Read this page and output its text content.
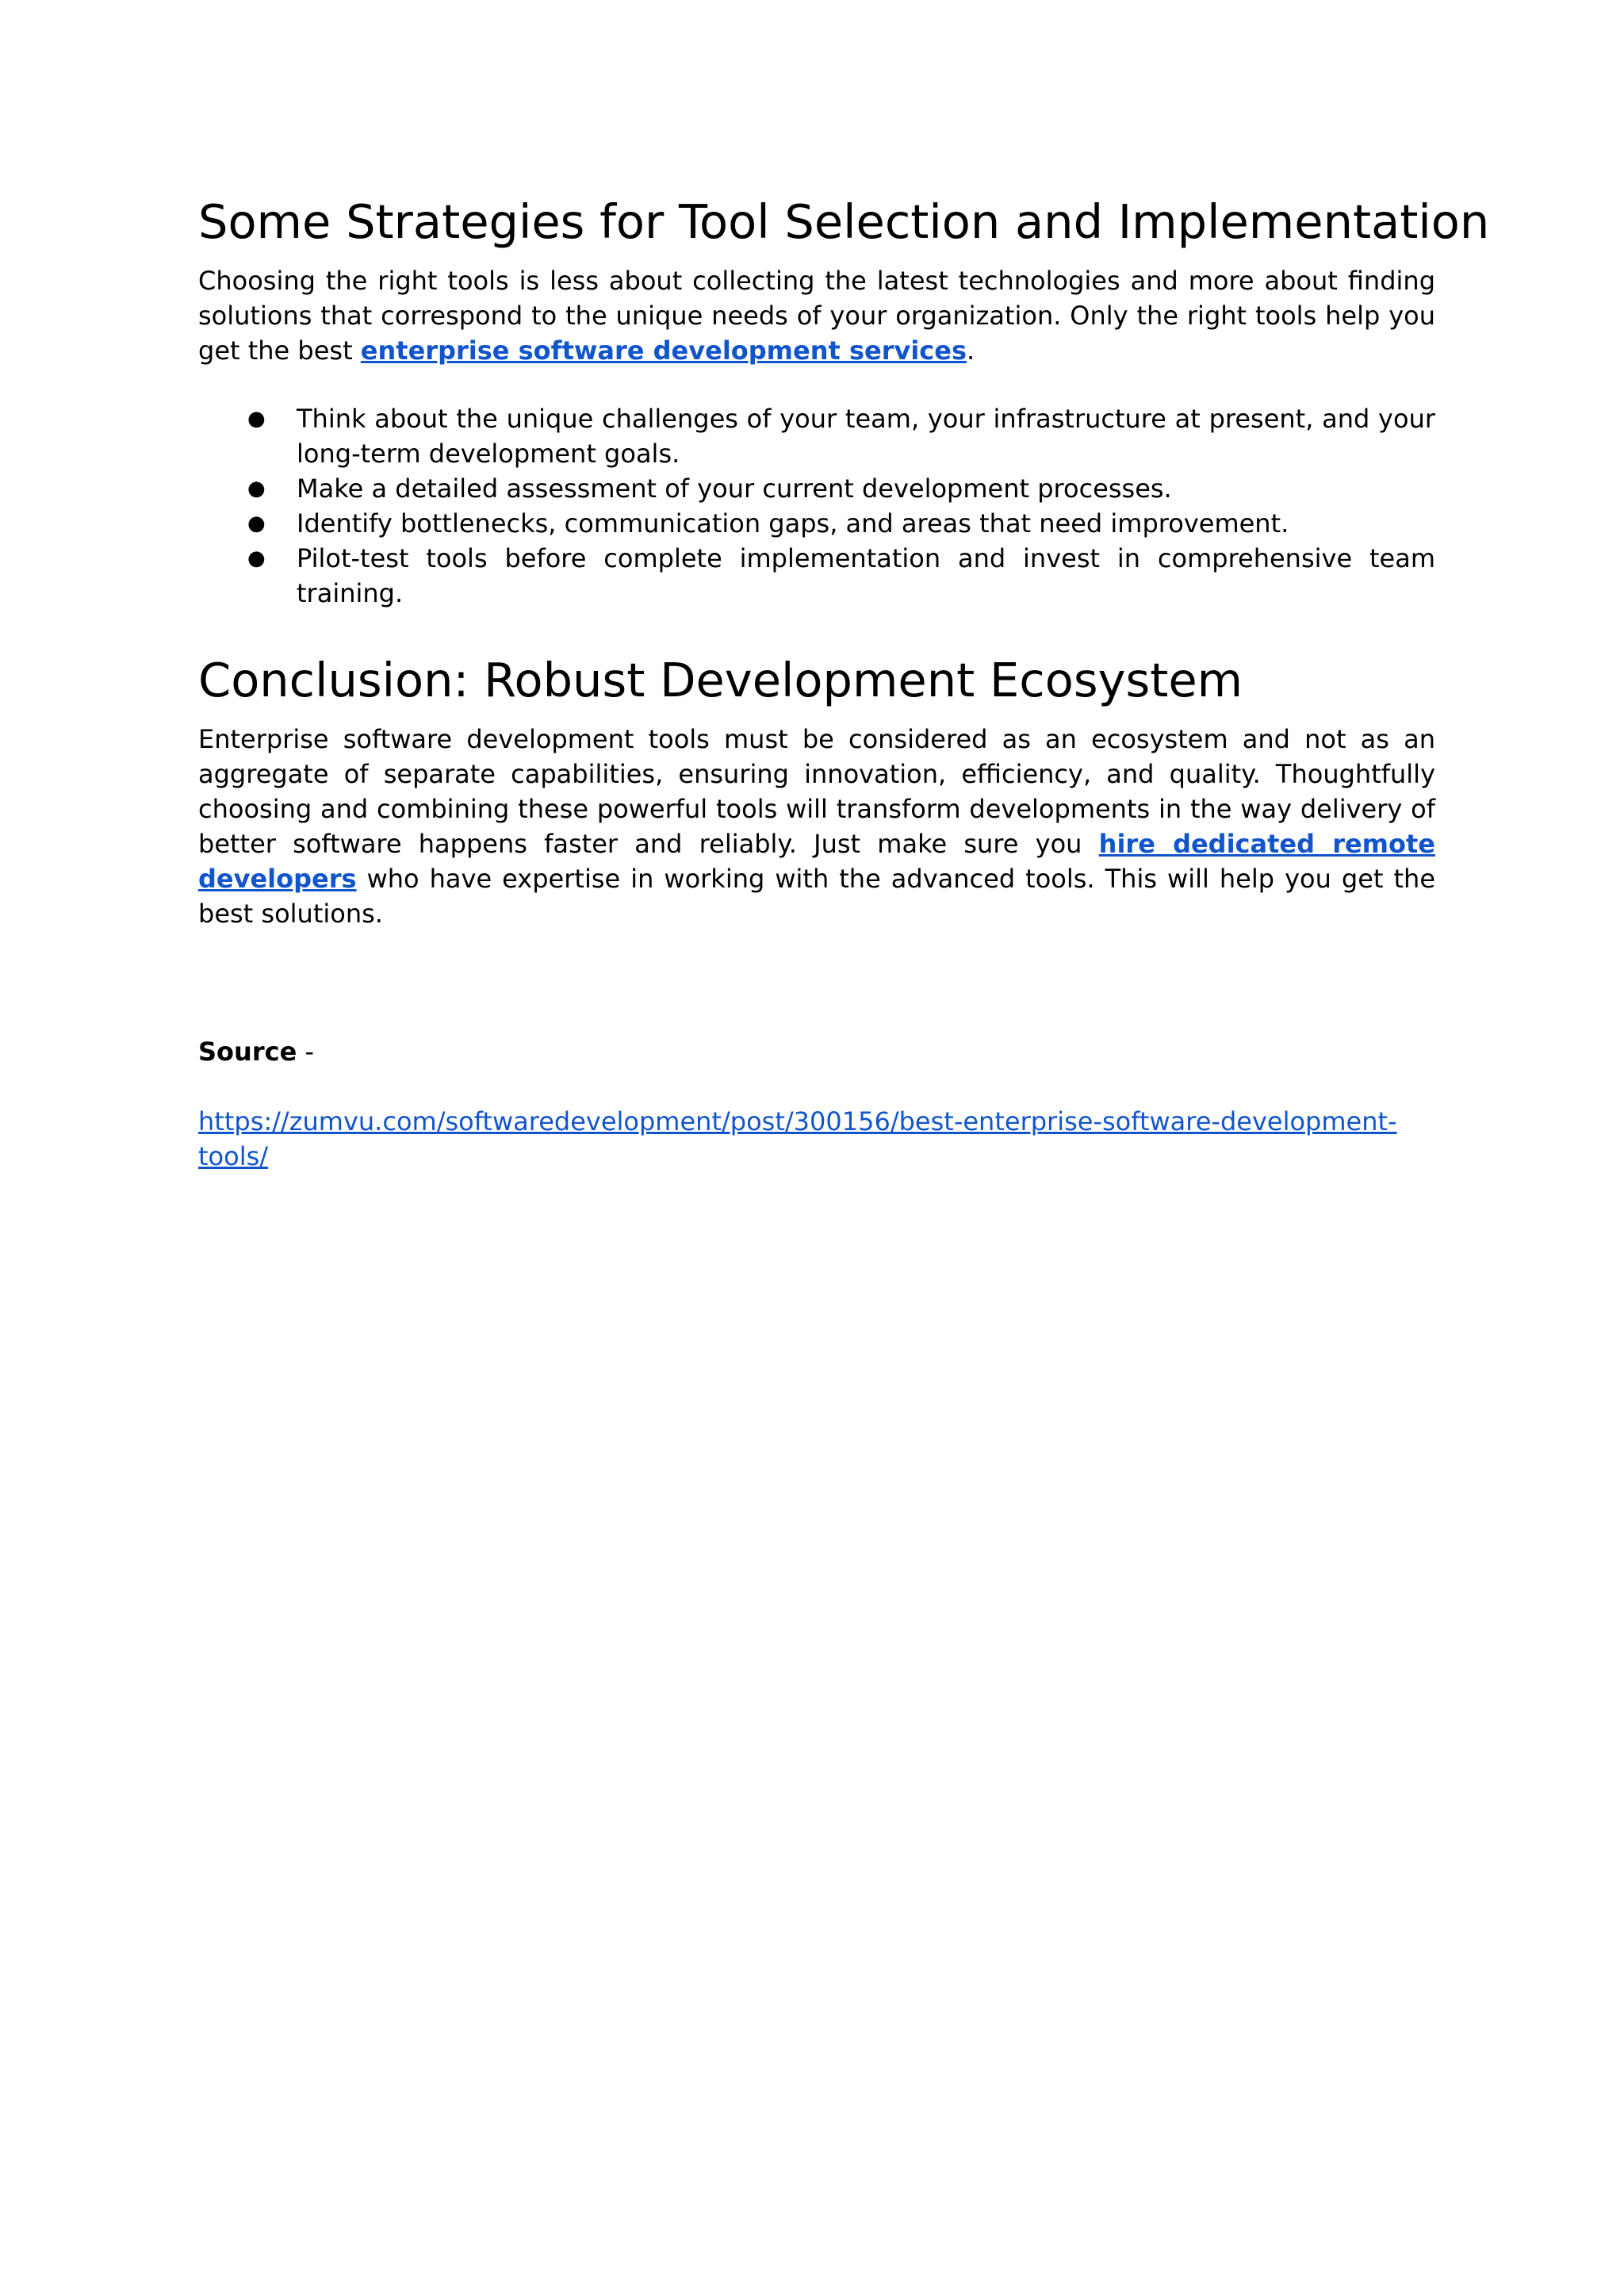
Some Strategies for Tool Selection and Implementation

Choosing the right tools is less about collecting the latest technologies and more about finding solutions that correspond to the unique needs of your organization. Only the right tools help you get the best enterprise software development services.

● Think about the unique challenges of your team, your infrastructure at present, and your long-term development goals.
● Make a detailed assessment of your current development processes.
● Identify bottlenecks, communication gaps, and areas that need improvement.
● Pilot-test tools before complete implementation and invest in comprehensive team training.
Conclusion: Robust Development Ecosystem

Enterprise software development tools must be considered as an ecosystem and not as an aggregate of separate capabilities, ensuring innovation, efficiency, and quality. Thoughtfully choosing and combining these powerful tools will transform developments in the way delivery of better software happens faster and reliably. Just make sure you hire dedicated remote developers who have expertise in working with the advanced tools. This will help you get the best solutions.

Source -
https://zumvu.com/softwaredevelopment/post/300156/best-enterprise-software-development-tools/
